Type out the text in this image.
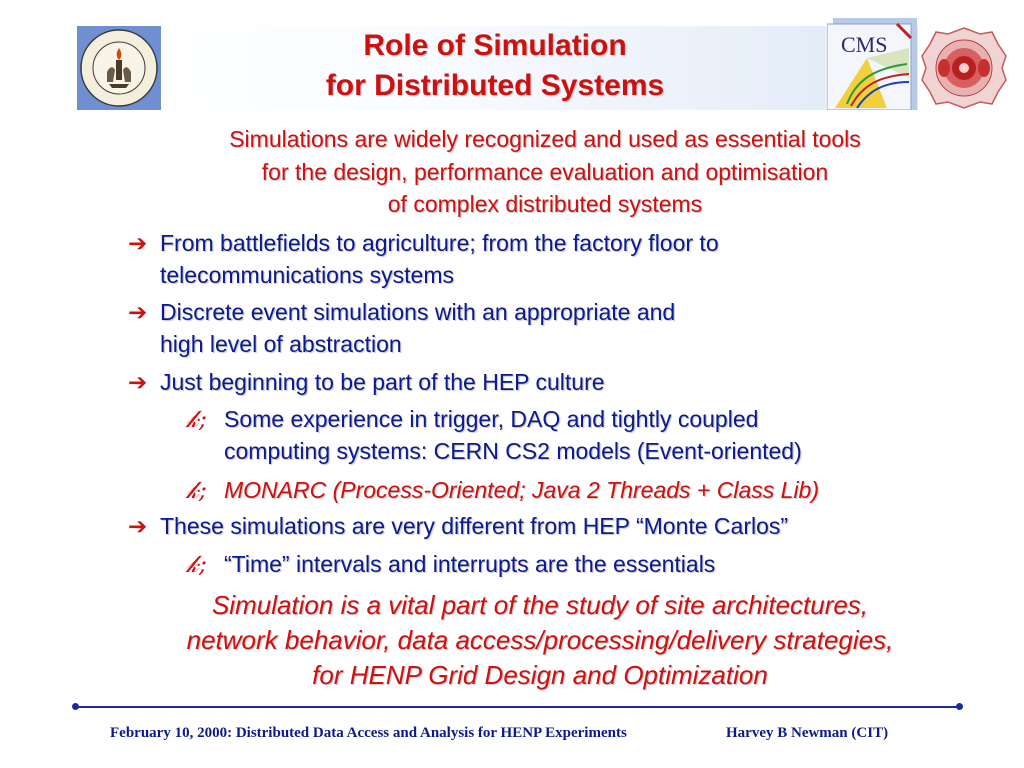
Role of Simulation
for Distributed Systems
CMS
Simulations are widely recognized and used as essential tools
for the design, performance evaluation and optimisation
of complex distributed systems
➔ From battlefields to agriculture; from the factory floor to
telecommunications systems
➔ Discrete event simulations with an appropriate and
high level of abstraction
➔ Just beginning to be part of the HEP culture
𝓀; Some experience in trigger, DAQ and tightly coupled
computing systems: CERN CS2 models (Event-oriented)
𝓀; MONARC (Process-Oriented; Java 2 Threads + Class Lib)
➔ These simulations are very different from HEP “Monte Carlos”
𝓀; “Time” intervals and interrupts are the essentials
Simulation is a vital part of the study of site architectures,
network behavior, data access/processing/delivery strategies,
for HENP Grid Design and Optimization
February 10, 2000: Distributed Data Access and Analysis for HENP Experiments	Harvey B Newman (CIT)
